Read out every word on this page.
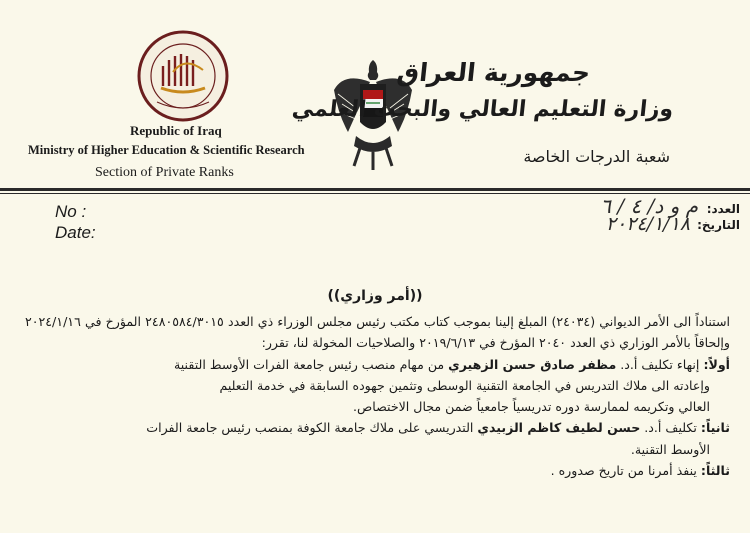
Republic of Iraq
Ministry of Higher Education & Scientific Research
Section of Private Ranks
جمهورية العراق
وزارة التعليم العالي والبحث العلمي
شعبة الدرجات الخاصة
No :
Date:
العدد:
م و د/ ٤ / ٦
التاريخ:
٢٠٢٤/١/١٨
((أمر وزاري))

استناداً الى الأمر الديواني (٢٤٠٣٤) المبلغ إلينا بموجب كتاب مكتب رئيس مجلس الوزراء ذي العدد ٢٤٨٠٥٨٤/٣٠١٥ المؤرخ في ٢٠٢٤/١/١٦ وإلحاقاً بالأمر الوزاري ذي العدد ٢٠٤٠ المؤرخ في ٢٠١٩/٦/١٣ والصلاحيات المخولة لنا، تقرر:

أولاً: إنهاء تكليف أ.د. مظفر صادق حسن الزهيري من مهام منصب رئيس جامعة الفرات الأوسط التقنية

وإعادته الى ملاك التدريس في الجامعة التقنية الوسطى وتثمين جهوده السابقة في خدمة التعليم

العالي وتكريمه لممارسة دوره تدريسياً جامعياً ضمن مجال الاختصاص.

ثانياً: تكليف أ.د. حسن لطيف كاظم الزبيدي التدريسي على ملاك جامعة الكوفة بمنصب رئيس جامعة الفرات

الأوسط التقنية.

ثالثاً: ينفذ أمرنا من تاريخ صدوره .
